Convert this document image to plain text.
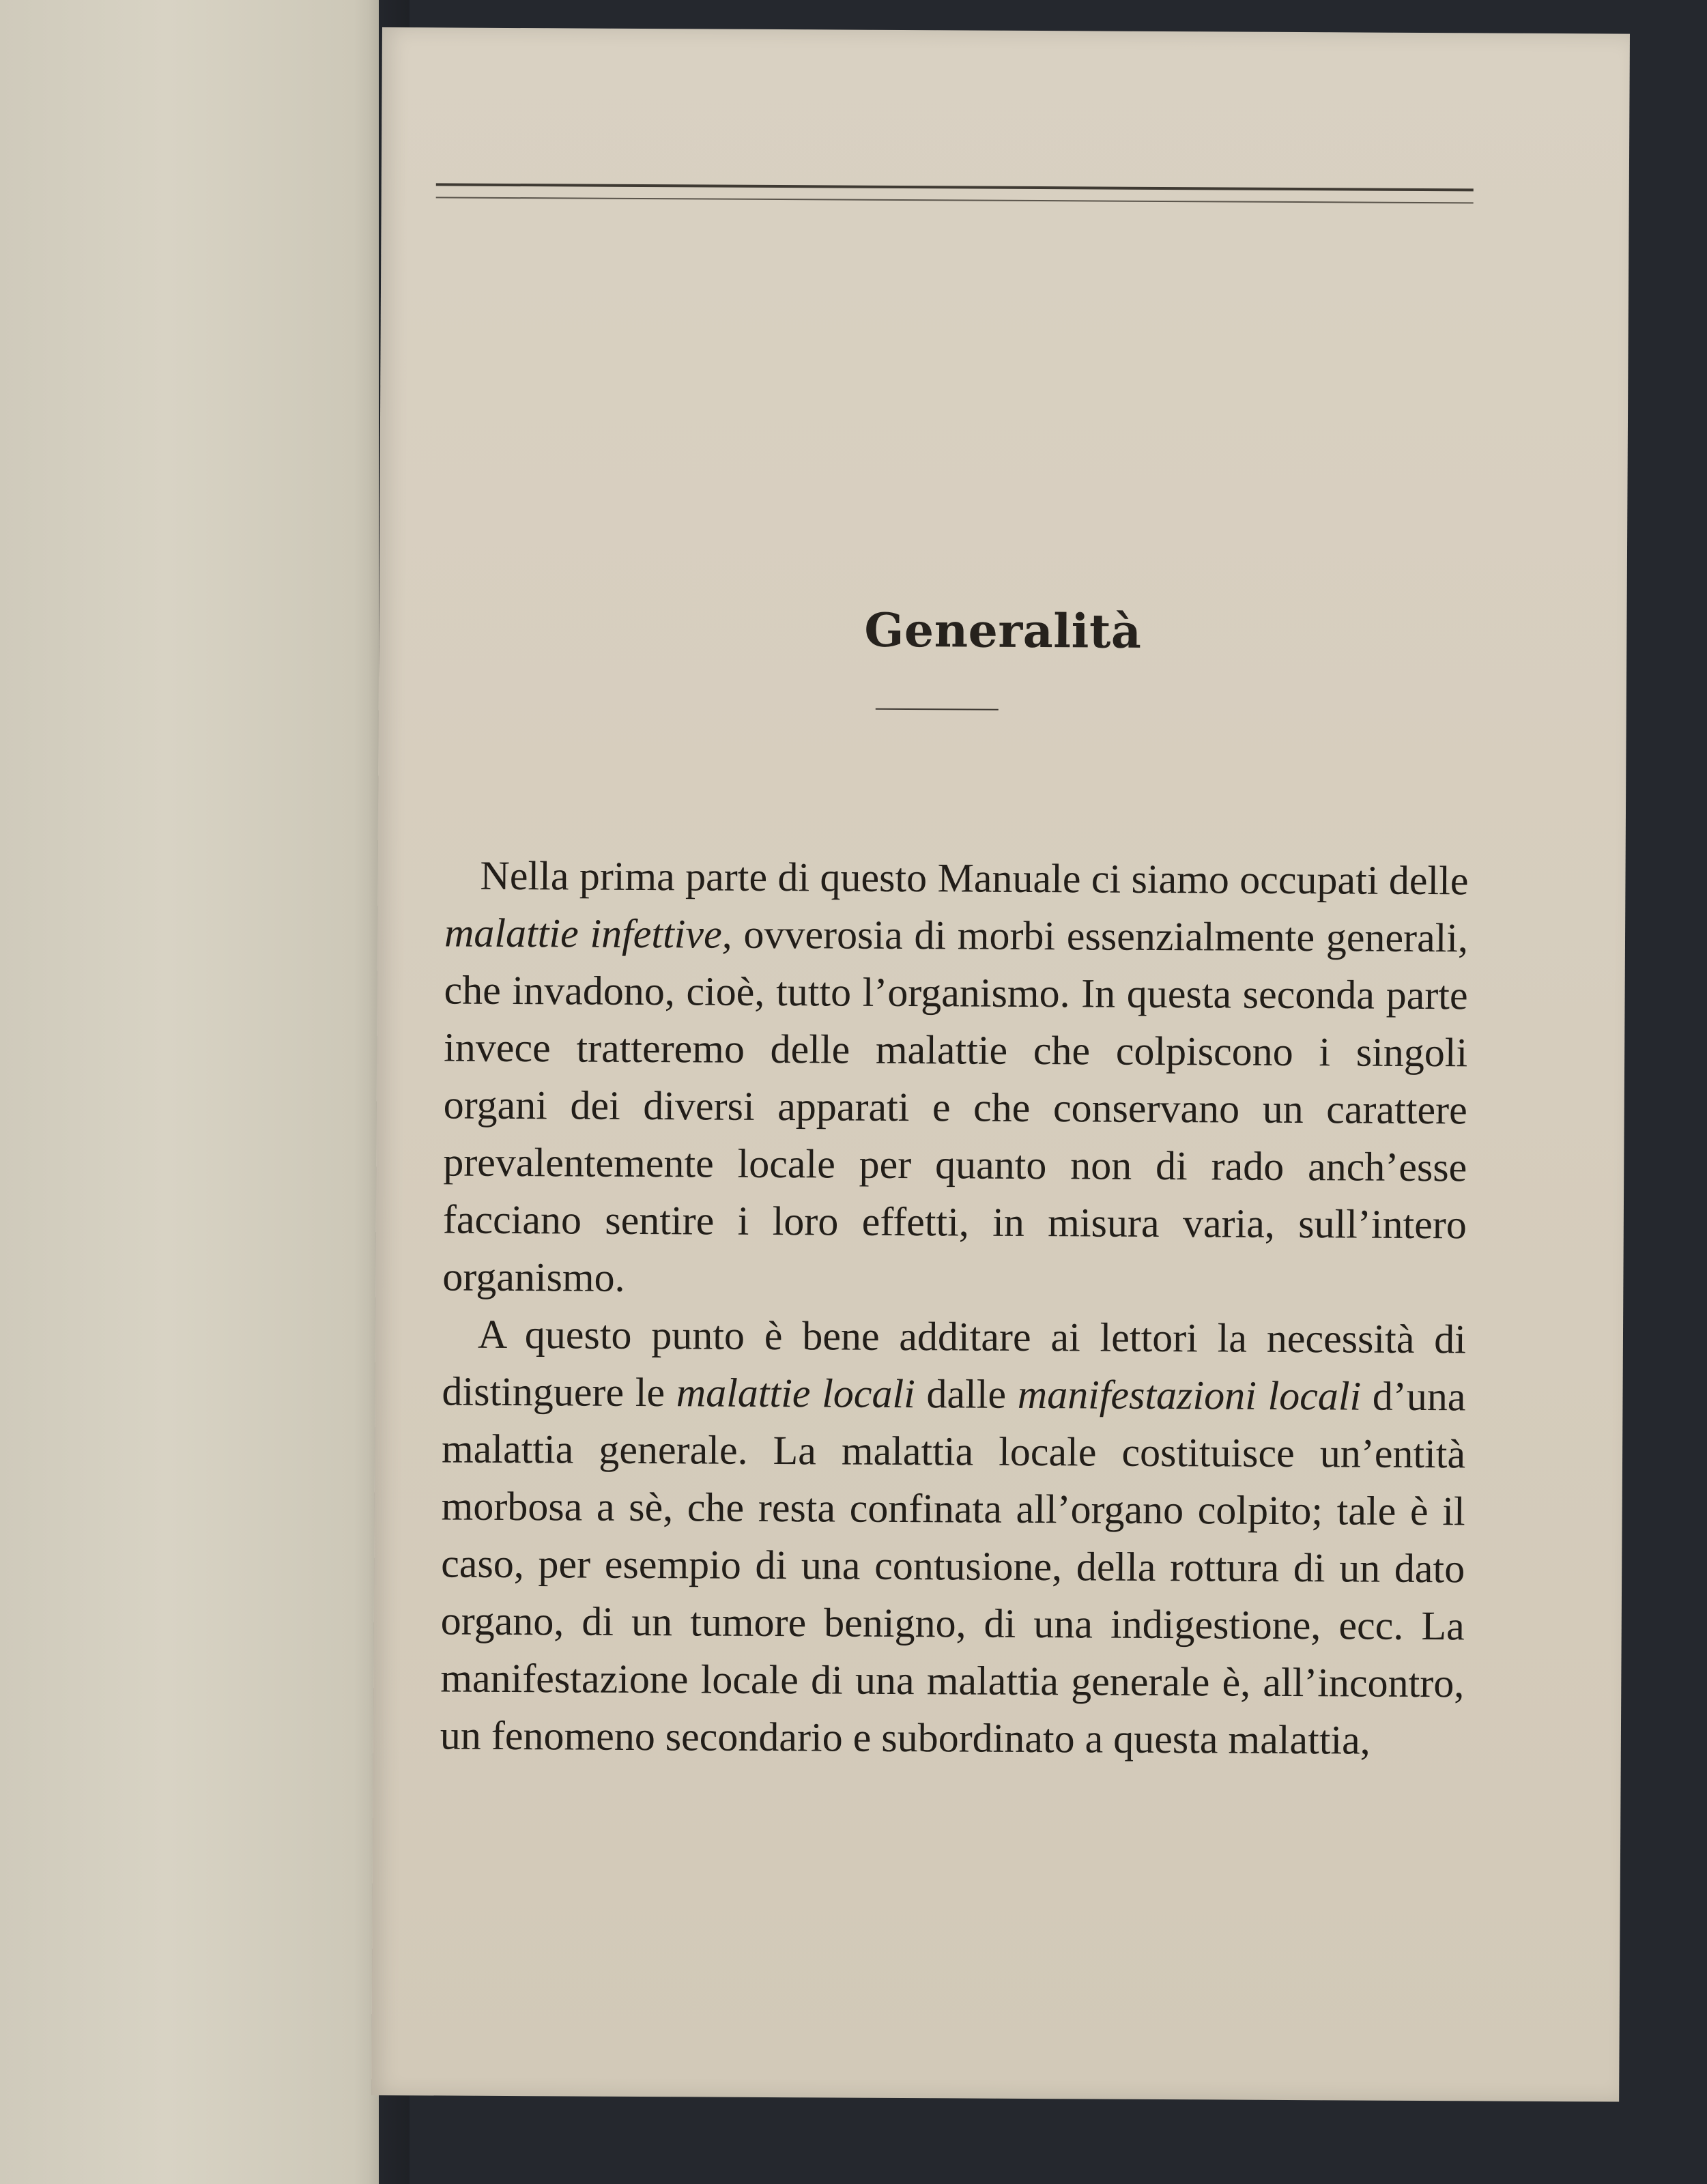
Generalità

Nella prima parte di questo Manuale ci siamo occupati delle malattie infettive, ovverosia di morbi essenzialmente generali, che invadono, cioè, tutto l’organismo. In questa seconda parte invece tratteremo delle malattie che colpiscono i singoli organi dei diversi apparati e che conservano un carattere prevalentemente locale per quanto non di rado anch’esse facciano sentire i loro effetti, in misura varia, sull’intero organismo.

A questo punto è bene additare ai lettori la necessità di distinguere le malattie locali dalle manifestazioni locali d’una malattia generale. La malattia locale costituisce un’entità morbosa a sè, che resta confinata all’organo colpito; tale è il caso, per esempio di una contusione, della rottura di un dato organo, di un tumore benigno, di una indigestione, ecc. La manifestazione locale di una malattia generale è, all’incontro, un fenomeno secondario e subordinato a questa malattia,
